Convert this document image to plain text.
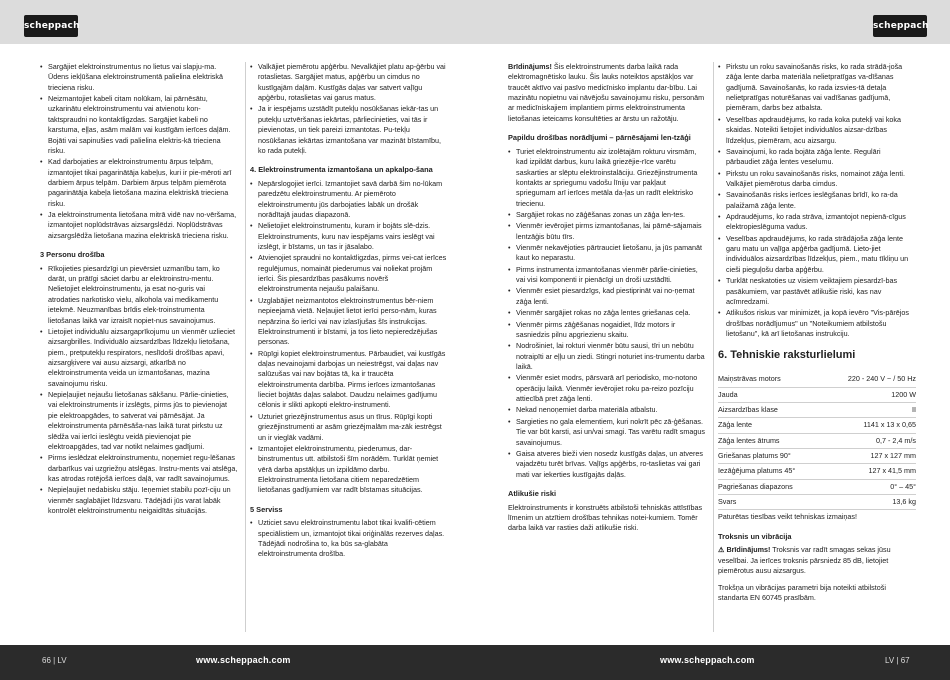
scheppach	scheppach
• Sargājiet elektroinstrumentus no lietus vai slapju-ma. Ūdens iekļūšana elektroinstrumentā palielina elektriskā trieciena risku.
• Neizmantojiet kabeli citam nolūkam, lai pārnēsātu, uzkarinātu elektroinstrumentu vai atvienotu kon-taktspraudni no kontaktligzdas. Sargājiet kabeli no karstuma, eļļas, asām malām vai kustīgām ierīces daļām. Bojāti vai sapinušies vadi palielina elektris-kā trieciena risku.
• Kad darbojaties ar elektroinstrumentu ārpus telpām, izmantojiet tikai pagarinātāja kabeļus, kuri ir pie-mēroti arī darbiem ārpus telpām. Darbiem ārpus telpām piemērota pagarinātāja kabeļa lietošana mazina elektriskā trieciena risku.
• Ja elektroinstrumenta lietošana mitrā vidē nav no-vēršama, izmantojiet noplūdstrāvas aizsargslēdzi. Noplūdstrāvas aizsargslēdža lietošana mazina elektriskā trieciena risku.
3 Personu drošība
• Rīkojieties piesardzīgi un pievērsiet uzmanību tam, ko darāt, un prātīgi sāciet darbu ar elektroinstru-mentu. Nelietojiet elektroinstrumentu, ja esat no-guris vai atrodaties narkotisko vielu, alkohola vai medikamentu ietekmē. Neuzmanības brīdis elek-troinstrumenta lietošanas laikā var izraisīt nopiet-nus savainojumus.
• Lietojiet individuālu aizsargaprīkojumu un vienmēr uzlieciet aizsargbrilles. Individuālo aizsardzības līdzekļu lietošana, piem., pretputekļu respirators, neslīdoši drošības apavi, aizsargķivere vai ausu aizsargi, atkarībā no elektroinstrumenta veida un izmantošanas, mazina savainojumu risku.
• Nepieļaujiet nejaušu lietošanas sākšanu. Pārlie-cinieties, vai elektroinstruments ir izslēgts, pirms jūs to pievienojat pie elektroapgādes, to satverat vai pārnēsājat. Ja elektroinstrumenta pārnēsāša-nas laikā turat pirkstu uz slēdža vai ierīci ieslēgtu veidā pievienojat pie elektroapgādes, tad var notikt nelaimes gadījumi.
• Pirms ieslēdzat elektroinstrumentu, noņemiet regu-lēšanas darbarīkus vai uzgriežņu atslēgas. Instru-ments vai atslēga, kas atrodas rotējošā ierīces daļā, var radīt savainojumus.
• Nepieļaujiet nedabisku stāju. Ieņemiet stabilu pozī-ciju un vienmēr saglabājiet līdzsvaru. Tādējādi jūs varat labāk kontrolēt elektroinstrumentu neigaidītās situācijās.
• Valkājiet piemērotu apģērbu. Nevalkājiet platu ap-ģērbu vai rotaslietas. Sargājiet matus, apģērbu un cimdus no kustīgajām daļām. Kustīgās daļas var satvert vaļīgu apģērbu, rotaslietas vai garus matus.
• Ja ir iespējams uzstādīt putekļu nosūkšanas iekār-tas un putekļu uztvēršanas iekārtas, pārliecinieties, vai tās ir pievienotas, un tiek pareizi izmantotas. Pu-tekļu nosūkšanas iekārtas izmantošana var mazināt bīstamību, ko rada putekļi.
4. Elektroinstrumenta izmantošana un apkalpo-šana
• Nepārslogojiet ierīci. Izmantojiet savā darbā šim no-lūkam paredzētu elektroinstrumentu. Ar piemēroto elektroinstrumentu jūs darbojaties labāk un drošāk norādītajā jaudas diapazonā.
• Nelietojiet elektroinstrumentu, kuram ir bojāts slē-dzis. Elektroinstruments, kuru nav iespējams vairs ieslēgt vai izslēgt, ir bīstams, un tas ir jāsalabo.
• Atvienojiet spraudni no kontaktligzdas, pirms vei-cat ierīces regulējumus, nomaināt piederumus vai noliekat projām ierīci. Šis piesardzības pasākums novērš elektroinstrumenta nejaušu palaišanu.
• Uzglabājiet neizmantotos elektroinstrumentus bēr-niem nepieejamā vietā. Neļaujiet lietot ierīci perso-nām, kuras nepārzina šo ierīci vai nav izlasījušas šīs instrukcijas. Elektroinstrumenti ir bīstami, ja tos lieto nepieredzējušas personas.
• Rūpīgi kopiet elektroinstrumentus. Pārbaudiet, vai kustīgās daļas nevainojami darbojas un neiestrēgst, vai daļas nav salūzušas vai nav bojātas tā, ka ir traucēta elektroinstrumenta darbība. Pirms ierīces izmantošanas lieciet bojātās daļas salabot. Daudzu nelaimes gadījumu cēlonis ir slikti apkopti elektro-instrumenti.
• Uzturiet griezējinstrumentus asus un tīrus. Rūpīgi kopti griezējinstrumenti ar asām griezējmalām ma-zāk iestrēgst un ir vieglāk vadāmi.
• Izmantojiet elektroinstrumentu, piederumus, dar-binstrumentus utt. atbilstoši šīm norādēm. Turklāt ņemiet vērā darba apstākļus un izpildāmo darbu. Elektroinstrumenta lietošana citiem neparedzētiem lietošanas gadījumiem var radīt bīstamas situācijas.
5 Serviss
• Uzticiet savu elektroinstrumentu labot tikai kvalifi-cētiem speciālistiem un, izmantojot tikai oriģinālās rezerves daļas. Tādējādi nodrošina to, ka būs sa-glabāta elektroinstrumenta drošība.

Brīdinājums! Šis elektroinstruments darba laikā rada elektromagnētisko lauku. Šis lauks noteiktos apstākļos var traucēt aktīvo vai pasīvo medicīnisko implantu dar-bību. Lai mazinātu nopietnu vai nāvējošu savainojumu risku, personām ar medicīniskajiem implantiem pirms elektroinstrumenta lietošanas ieteicams konsultēties ar ārstu un ražotāju.

Papildu drošības norādījumi – pārnēsājami len-tzāģi
• Turiet elektroinstrumentu aiz izolētajām rokturu virsmām, kad izpildāt darbus, kuru laikā griezējie-rīce varētu saskarties ar slēptu elektroinstalāciju. Griezējinstrumenta kontakts ar spriegumu vadošu līniju var pakļaut spriegumam arī ierīces metāla da-ļas un radīt elektrisko triecienu.
• Sargājiet rokas no zāģēšanas zonas un zāģa len-tes.
• Vienmēr ievērojiet pirms izmantošanas, lai pārnē-sājamais lentzāģis būtu tīrs.
• Vienmēr nekavējoties pārtrauciet lietošanu, ja jūs pamanāt kaut ko neparastu.
• Pirms instrumenta izmantošanas vienmēr pārlie-cinieties, vai visi komponenti ir pienācīgi un droši uzstādīti.
• Vienmēr esiet piesardzīgs, kad piestiprināt vai no-ņemat zāģa lenti.
• Vienmēr sargājiet rokas no zāģa lentes griešanas ceļa.
• Vienmēr pirms zāģēšanas nogaidiet, līdz motors ir sasniedzis pilnu apgriezienu skaitu.
• Nodrošiniet, lai rokturi vienmēr būtu sausi, tīri un nebūtu notraipīti ar eļļu un ziedi. Stingri noturiet ins-trumentu darba laikā.
• Vienmēr esiet modrs, pārsvarā arī periodisko, mo-notono operāciju laikā. Vienmēr ievērojiet roku pa-reizo pozīciju attiecībā pret zāģa lenti.
• Nekad nenoņemiet darba materiāla atbalstu.
• Sargieties no gala elementiem, kuri nokrīt pēc zā-ģēšanas. Tie var būt karsti, asi un/vai smagi. Tas varētu radīt smagus savainojumus.
• Gaisa atveres bieži vien nosedz kustīgās daļas, un atveres vajadzētu turēt brīvas. Vaļīgs apģērbs, ro-taslietas vai gari mati var iekerties kustīgajās daļās.
Atlikušie riski

Elektroinstruments ir konstruēts atbilstoši tehniskās attīstības līmenim un atzītiem drošības tehnikas notei-kumiem. Tomēr darba laikā var rasties daži atlikušie riski.

• Pirkstu un roku savainošanās risks, ko rada strādā-joša zāģa lente darba materiāla nelietpratīgas va-dīšanas gadījumā. Savainošanās, ko rada izsvies-tā detaļa nelietpratīgas noturēšanas vai vadīšanas gadījumā, piemēram, darbs bez atbalsta.
• Veselības apdraudējums, ko rada koka putekļi vai koka skaidas. Noteikti lietojiet individuālos aizsar-dzības līdzekļus, piemēram, acu aizsargu.
• Savainojumi, ko rada bojāta zāģa lente. Regulāri pārbaudiet zāģa lentes veselumu.
• Pirkstu un roku savainošanās risks, nomainot zāģa lenti. Valkājiet piemērotus darba cimdus.
• Savainošanās risks ierīces ieslēgšanas brīdī, ko ra-da palaižamā zāģa lente.
• Apdraudējums, ko rada strāva, izmantojot nepienā-cīgus elektropieslēguma vadus.
• Veselības apdraudējums, ko rada strādājoša zāģa lente garu matu un vaļīga apģērba gadījumā. Lieto-jiet individuālos aizsardzības līdzekļus, piem., matu tīkliņu un cieši pieguļošu darba apģērbu.
• Turklāt neskatoties uz visiem veiktajiem piesardzī-bas pasākumiem, var pastāvēt atlikušie riski, kas nav acīmredzami.
• Atlikušos riskus var minimizēt, ja kopā ievēro "Vis-pārējos drošības norādījumus" un "Noteikumiem atbilstošu lietošanu", kā arī lietošanas instrukciju.
6. Tehniskie raksturlielumi
Maiņstrāvas motors	220 - 240 V ~ / 50 Hz
Jauda	1200 W
Aizsardzības klase	II
Zāģa lente	1141 x 13 x 0,65
Zāģa lentes ātrums	0,7 - 2,4 m/s
Griešanas platums 90°	127 x 127 mm
Iezāģējuma platums 45°	127 x 41,5 mm
Pagriešanas diapazons	0° – 45°
Svars	13,6 kg

Paturētas tiesības veikt tehniskas izmaiņas!

Troksnis un vibrācija

⚠ Brīdinājums! Troksnis var radīt smagas sekas jūsu veselībai. Ja ierīces troksnis pārsniedz 85 dB, lietojiet piemērotus ausu aizsargus.

Trokšņa un vibrācijas parametri bija noteikti atbilstoši standarta EN 60745 prasībām.

66 | LV	www.scheppach.com	www.scheppach.com	LV | 67
